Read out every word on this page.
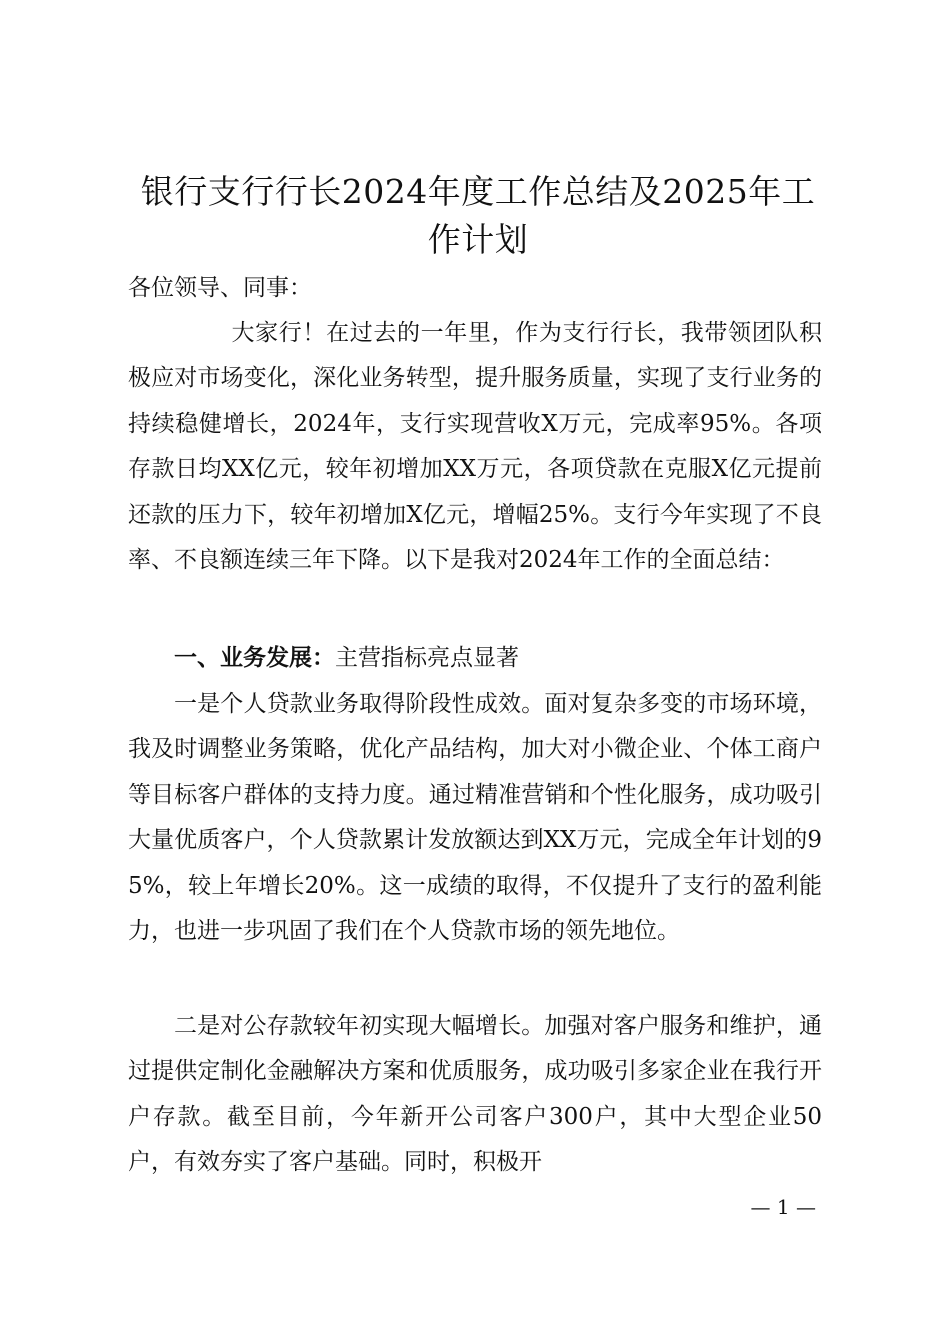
银行支行行长2024年度工作总结及2025年工作计划
各位领导、同事：

大家行！在过去的一年里，作为支行行长，我带领团队积极应对市场变化，深化业务转型，提升服务质量，实现了支行业务的持续稳健增长，2024年，支行实现营收X万元，完成率95%。各项存款日均XX亿元，较年初增加XX万元，各项贷款在克服X亿元提前还款的压力下，较年初增加X亿元，增幅25%。支行今年实现了不良率、不良额连续三年下降。以下是我对2024年工作的全面总结：

一、业务发展：主营指标亮点显著

一是个人贷款业务取得阶段性成效。面对复杂多变的市场环境，我及时调整业务策略，优化产品结构，加大对小微企业、个体工商户等目标客户群体的支持力度。通过精准营销和个性化服务，成功吸引大量优质客户，个人贷款累计发放额达到XX万元，完成全年计划的95%，较上年增长20%。这一成绩的取得，不仅提升了支行的盈利能力，也进一步巩固了我们在个人贷款市场的领先地位。

二是对公存款较年初实现大幅增长。加强对客户服务和维护，通过提供定制化金融解决方案和优质服务，成功吸引多家企业在我行开户存款。截至目前，今年新开公司客户300户，其中大型企业50户，有效夯实了客户基础。同时，积极开

— 1 —
